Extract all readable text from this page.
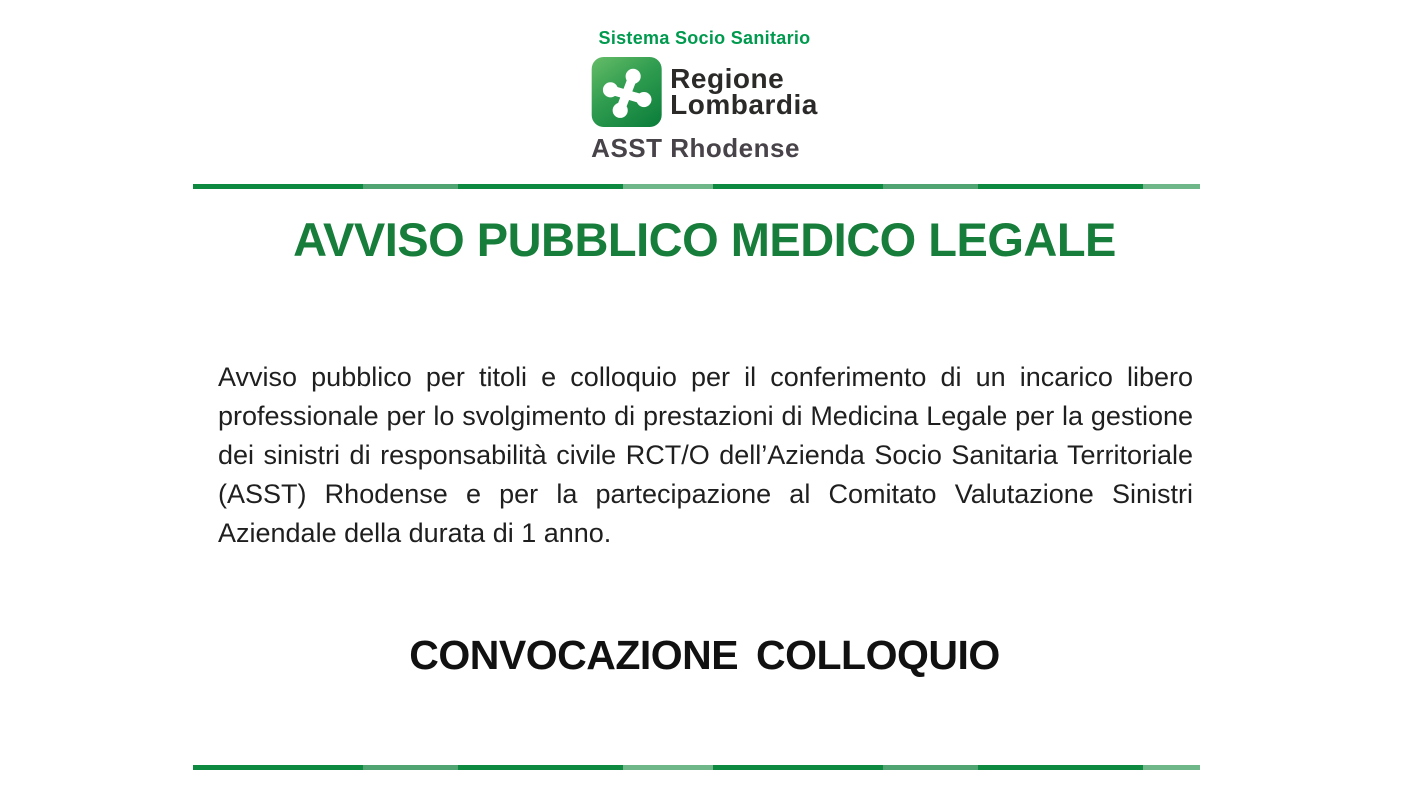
Sistema Socio Sanitario
Regione
Lombardia
ASST Rhodense
AVVISO PUBBLICO MEDICO LEGALE

Avviso pubblico per titoli e colloquio per il conferimento di un incarico libero professionale per lo svolgimento di prestazioni di Medicina Legale per la gestione dei sinistri di responsabilità civile RCT/O dell’Azienda Socio Sanitaria Territoriale (ASST) Rhodense e per la partecipazione al Comitato Valutazione Sinistri Aziendale della durata di 1 anno.

CONVOCAZIONE COLLOQUIO
